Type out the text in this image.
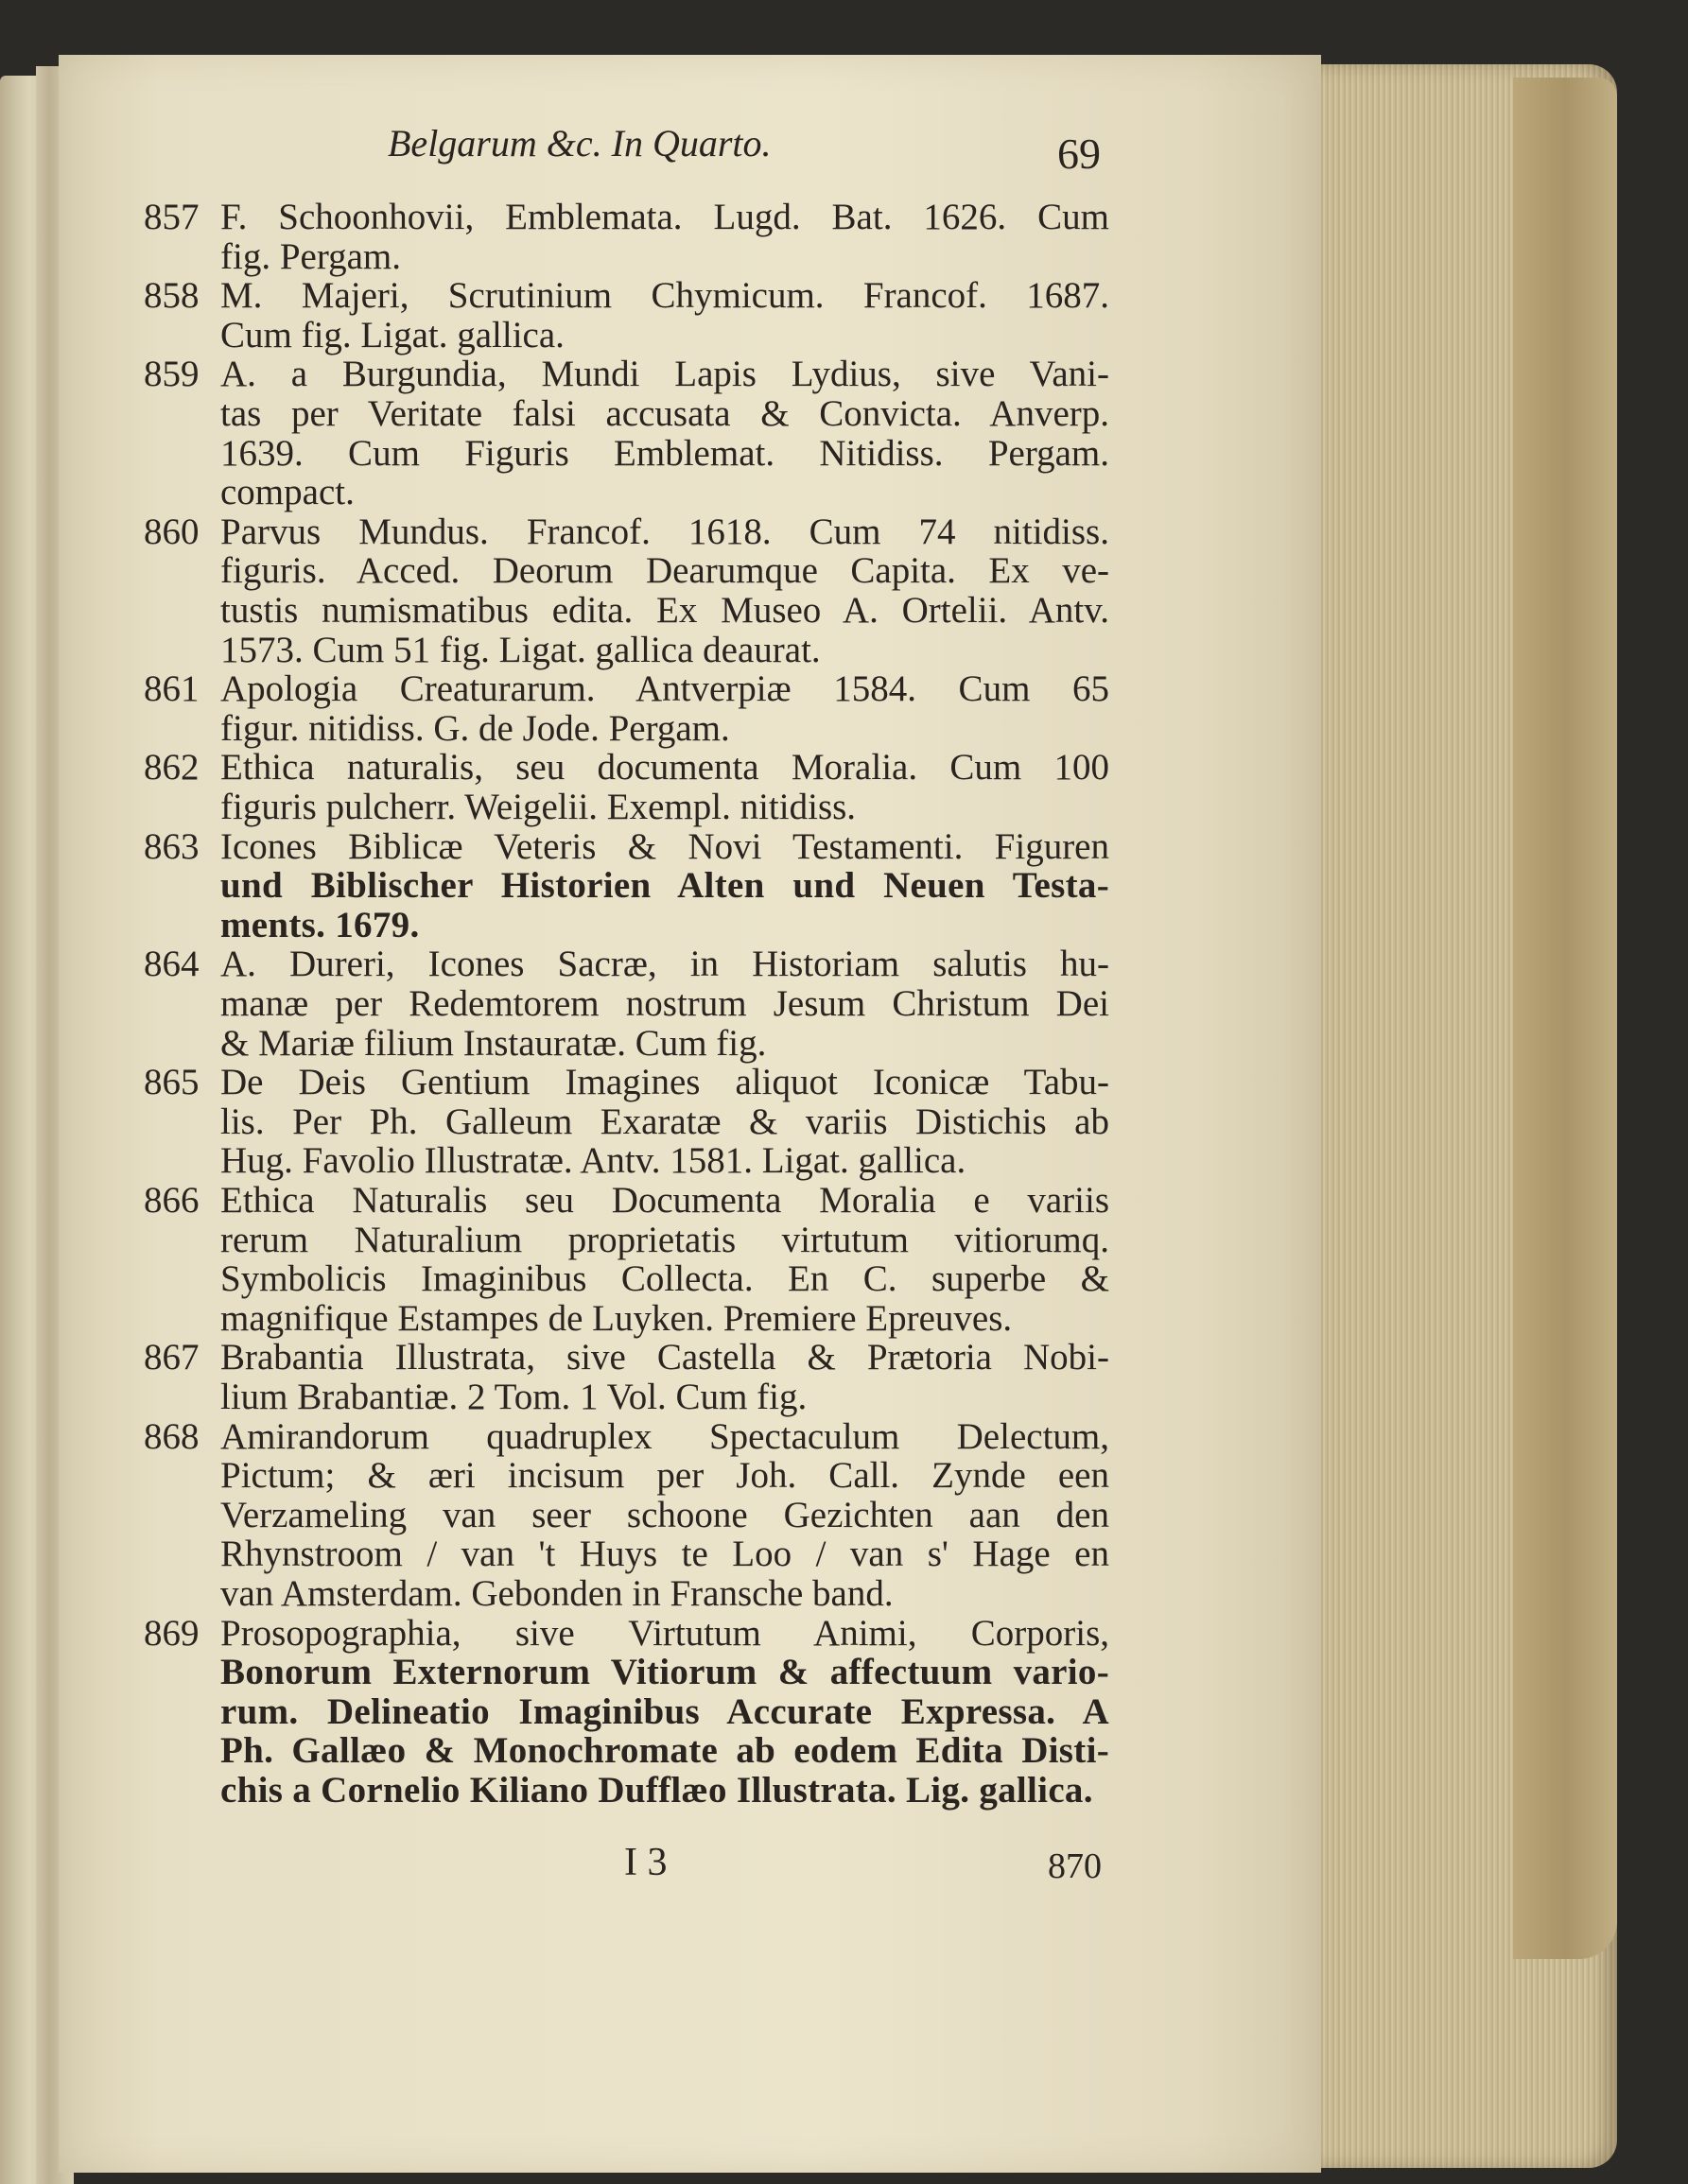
Belgarum &c. In Quarto.	69
857 F. Schoonhovii, Emblemata. Lugd. Bat. 1626. Cum
fig. Pergam.
858 M. Majeri, Scrutinium Chymicum. Francof. 1687.
Cum fig. Ligat. gallica.
859 A. a Burgundia, Mundi Lapis Lydius, sive Vani-
tas per Veritate falsi accusata & Convicta. Anverp.
1639. Cum Figuris Emblemat. Nitidiss. Pergam.
compact.
860 Parvus Mundus. Francof. 1618. Cum 74 nitidiss.
figuris. Acced. Deorum Dearumque Capita. Ex ve-
tustis numismatibus edita. Ex Museo A. Ortelii. Antv.
1573. Cum 51 fig. Ligat. gallica deaurat.
861 Apologia Creaturarum. Antverpiæ 1584. Cum 65
figur. nitidiss. G. de Jode. Pergam.
862 Ethica naturalis, seu documenta Moralia. Cum 100
figuris pulcherr. Weigelii. Exempl. nitidiss.
863 Icones Biblicæ Veteris & Novi Testamenti. Figuren
und Biblischer Historien Alten und Neuen Testa-
ments. 1679.
864 A. Dureri, Icones Sacræ, in Historiam salutis hu-
manæ per Redemtorem nostrum Jesum Christum Dei
& Mariæ filium Instauratæ. Cum fig.
865 De Deis Gentium Imagines aliquot Iconicæ Tabu-
lis. Per Ph. Galleum Exaratæ & variis Distichis ab
Hug. Favolio Illustratæ. Antv. 1581. Ligat. gallica.
866 Ethica Naturalis seu Documenta Moralia e variis
rerum Naturalium proprietatis virtutum vitiorumq.
Symbolicis Imaginibus Collecta. En C. superbe &
magnifique Estampes de Luyken. Premiere Epreuves.
867 Brabantia Illustrata, sive Castella & Prætoria Nobi-
lium Brabantiæ. 2 Tom. 1 Vol. Cum fig.
868 Amirandorum quadruplex Spectaculum Delectum,
Pictum; & æri incisum per Joh. Call. Zynde een
Verzameling van seer schoone Gezichten aan den
Rhynstroom / van 't Huys te Loo / van s' Hage en
van Amsterdam. Gebonden in Fransche band.
869 Prosopographia, sive Virtutum Animi, Corporis,
Bonorum Externorum Vitiorum & affectuum vario-
rum. Delineatio Imaginibus Accurate Expressa. A
Ph. Gallæo & Monochromate ab eodem Edita Disti-
chis a Cornelio Kiliano Dufflæo Illustrata. Lig. gallica.
I 3	870
